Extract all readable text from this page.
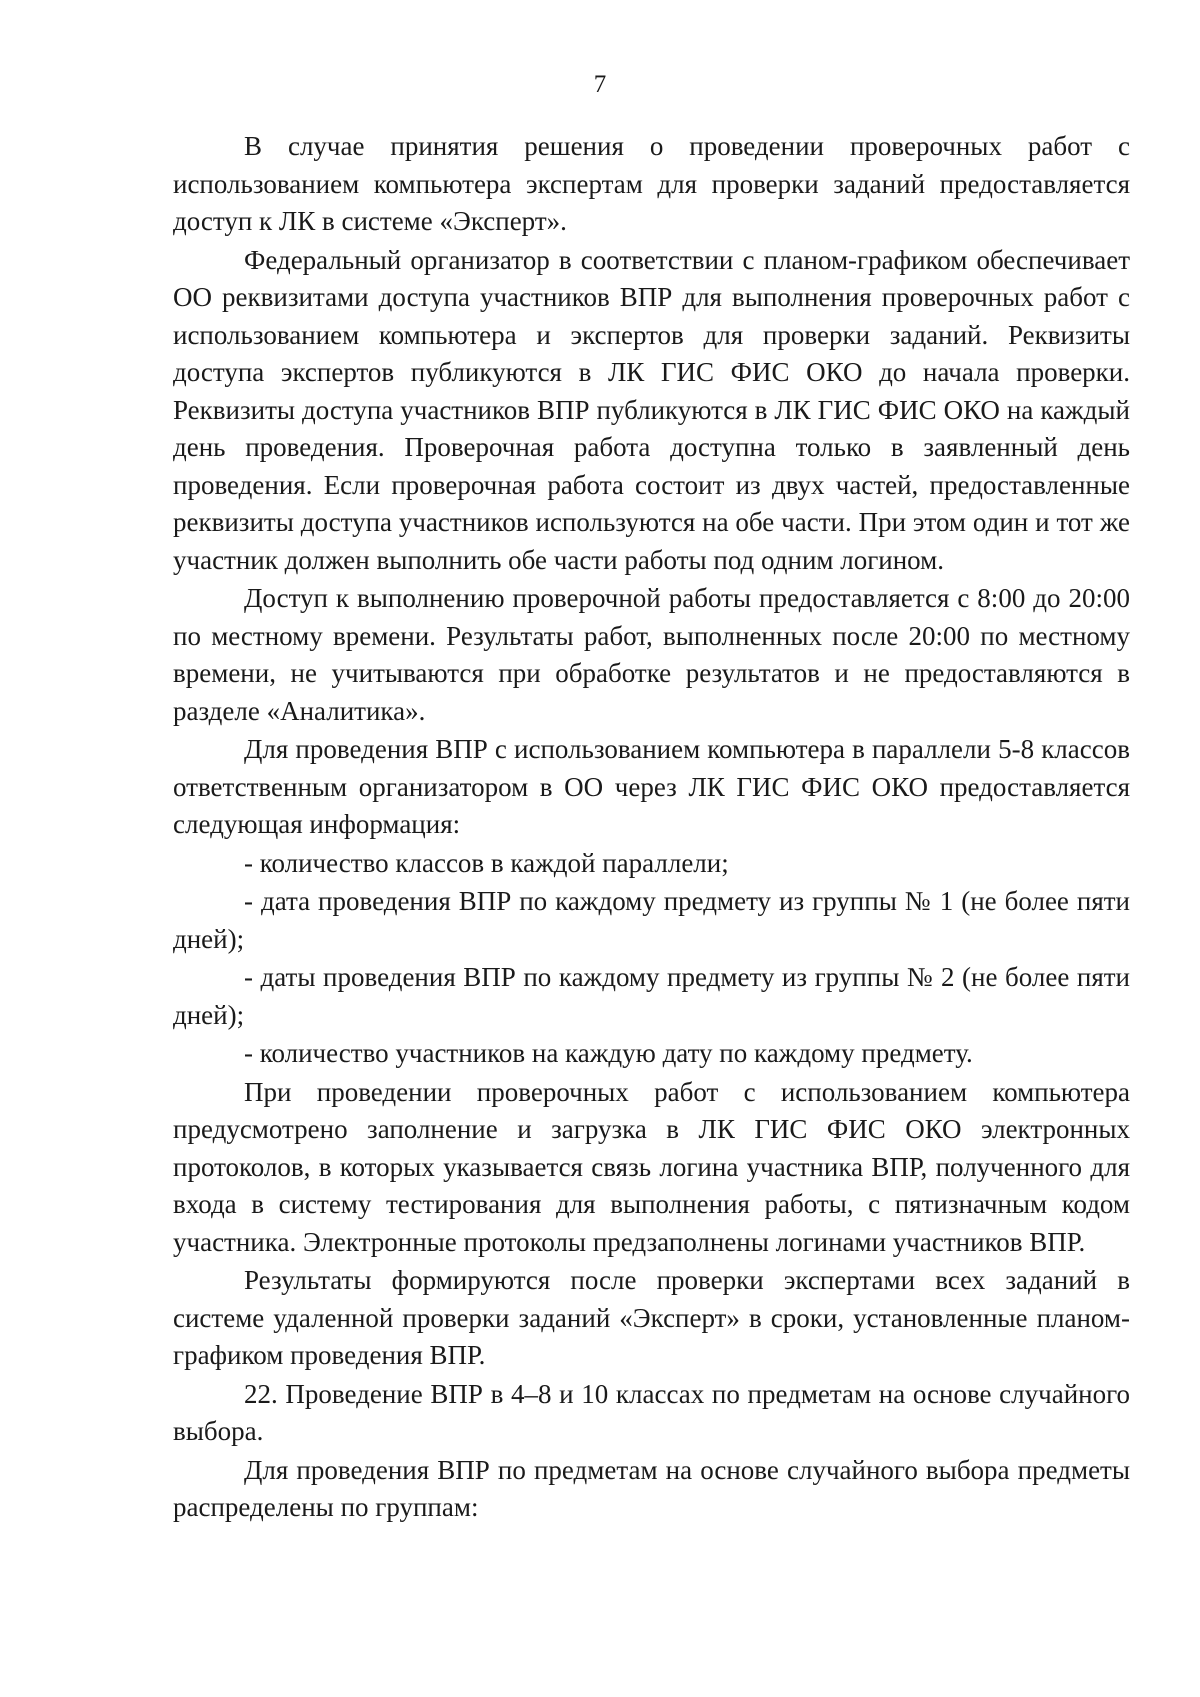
7

В случае принятия решения о проведении проверочных работ с использованием компьютера экспертам для проверки заданий предоставляется доступ к ЛК в системе «Эксперт».

Федеральный организатор в соответствии с планом-графиком обеспечивает ОО реквизитами доступа участников ВПР для выполнения проверочных работ с использованием компьютера и экспертов для проверки заданий. Реквизиты доступа экспертов публикуются в ЛК ГИС ФИС ОКО до начала проверки. Реквизиты доступа участников ВПР публикуются в ЛК ГИС ФИС ОКО на каждый день проведения. Проверочная работа доступна только в заявленный день проведения. Если проверочная работа состоит из двух частей, предоставленные реквизиты доступа участников используются на обе части. При этом один и тот же участник должен выполнить обе части работы под одним логином.

Доступ к выполнению проверочной работы предоставляется с 8:00 до 20:00 по местному времени. Результаты работ, выполненных после 20:00 по местному времени, не учитываются при обработке результатов и не предоставляются в разделе «Аналитика».

Для проведения ВПР с использованием компьютера в параллели 5-8 классов ответственным организатором в ОО через ЛК ГИС ФИС ОКО предоставляется следующая информация:

- количество классов в каждой параллели;

- дата проведения ВПР по каждому предмету из группы № 1 (не более пяти дней);

- даты проведения ВПР по каждому предмету из группы № 2 (не более пяти дней);

- количество участников на каждую дату по каждому предмету.

При проведении проверочных работ с использованием компьютера предусмотрено заполнение и загрузка в ЛК ГИС ФИС ОКО электронных протоколов, в которых указывается связь логина участника ВПР, полученного для входа в систему тестирования для выполнения работы, с пятизначным кодом участника. Электронные протоколы предзаполнены логинами участников ВПР.

Результаты формируются после проверки экспертами всех заданий в системе удаленной проверки заданий «Эксперт» в сроки, установленные планом-графиком проведения ВПР.

22. Проведение ВПР в 4–8 и 10 классах по предметам на основе случайного выбора.

Для проведения ВПР по предметам на основе случайного выбора предметы распределены по группам:
